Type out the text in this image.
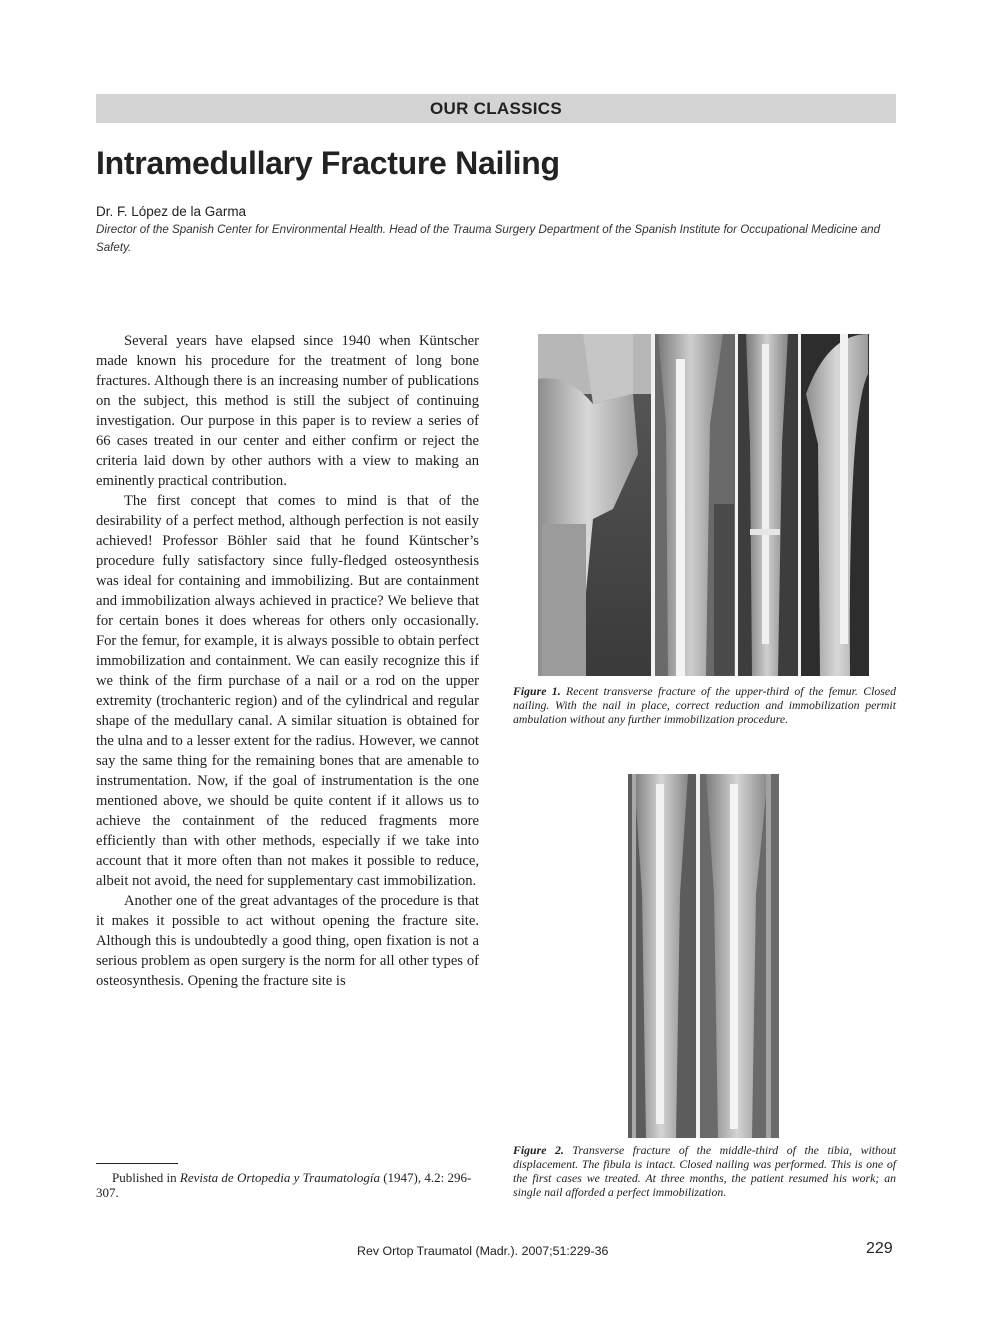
OUR CLASSICS
Intramedullary Fracture Nailing
Dr. F. López de la Garma
Director of the Spanish Center for Environmental Health. Head of the Trauma Surgery Department of the Spanish Institute for Occupational Medicine and Safety.

Several years have elapsed since 1940 when Küntscher made known his procedure for the treatment of long bone fractures. Although there is an increasing number of publications on the subject, this method is still the subject of continuing investigation. Our purpose in this paper is to review a series of 66 cases treated in our center and either confirm or reject the criteria laid down by other authors with a view to making an eminently practical contribution.

The first concept that comes to mind is that of the desirability of a perfect method, although perfection is not easily achieved! Professor Böhler said that he found Küntscher’s procedure fully satisfactory since fully-fledged osteosynthesis was ideal for containing and immobilizing. But are containment and immobilization always achieved in practice? We believe that for certain bones it does whereas for others only occasionally. For the femur, for example, it is always possible to obtain perfect immobilization and containment. We can easily recognize this if we think of the firm purchase of a nail or a rod on the upper extremity (trochanteric region) and of the cylindrical and regular shape of the medullary canal. A similar situation is obtained for the ulna and to a lesser extent for the radius. However, we cannot say the same thing for the remaining bones that are amenable to instrumentation. Now, if the goal of instrumentation is the one mentioned above, we should be quite content if it allows us to achieve the containment of the reduced fragments more efficiently than with other methods, especially if we take into account that it more often than not makes it possible to reduce, albeit not avoid, the need for supplementary cast immobilization.

Another one of the great advantages of the procedure is that it makes it possible to act without opening the fracture site. Although this is undoubtedly a good thing, open fixation is not a serious problem as open surgery is the norm for all other types of osteosynthesis. Opening the fracture site is

Published in Revista de Ortopedia y Traumatología (1947), 4.2: 296-307.
Figure 1. Recent transverse fracture of the upper-third of the femur. Closed nailing. With the nail in place, correct reduction and immobilization permit ambulation without any further immobilization procedure.
Figure 2. Transverse fracture of the middle-third of the tibia, without displacement. The fibula is intact. Closed nailing was performed. This is one of the first cases we treated. At three months, the patient resumed his work; an single nail afforded a perfect immobilization.
Rev Ortop Traumatol (Madr.). 2007;51:229-36	229
